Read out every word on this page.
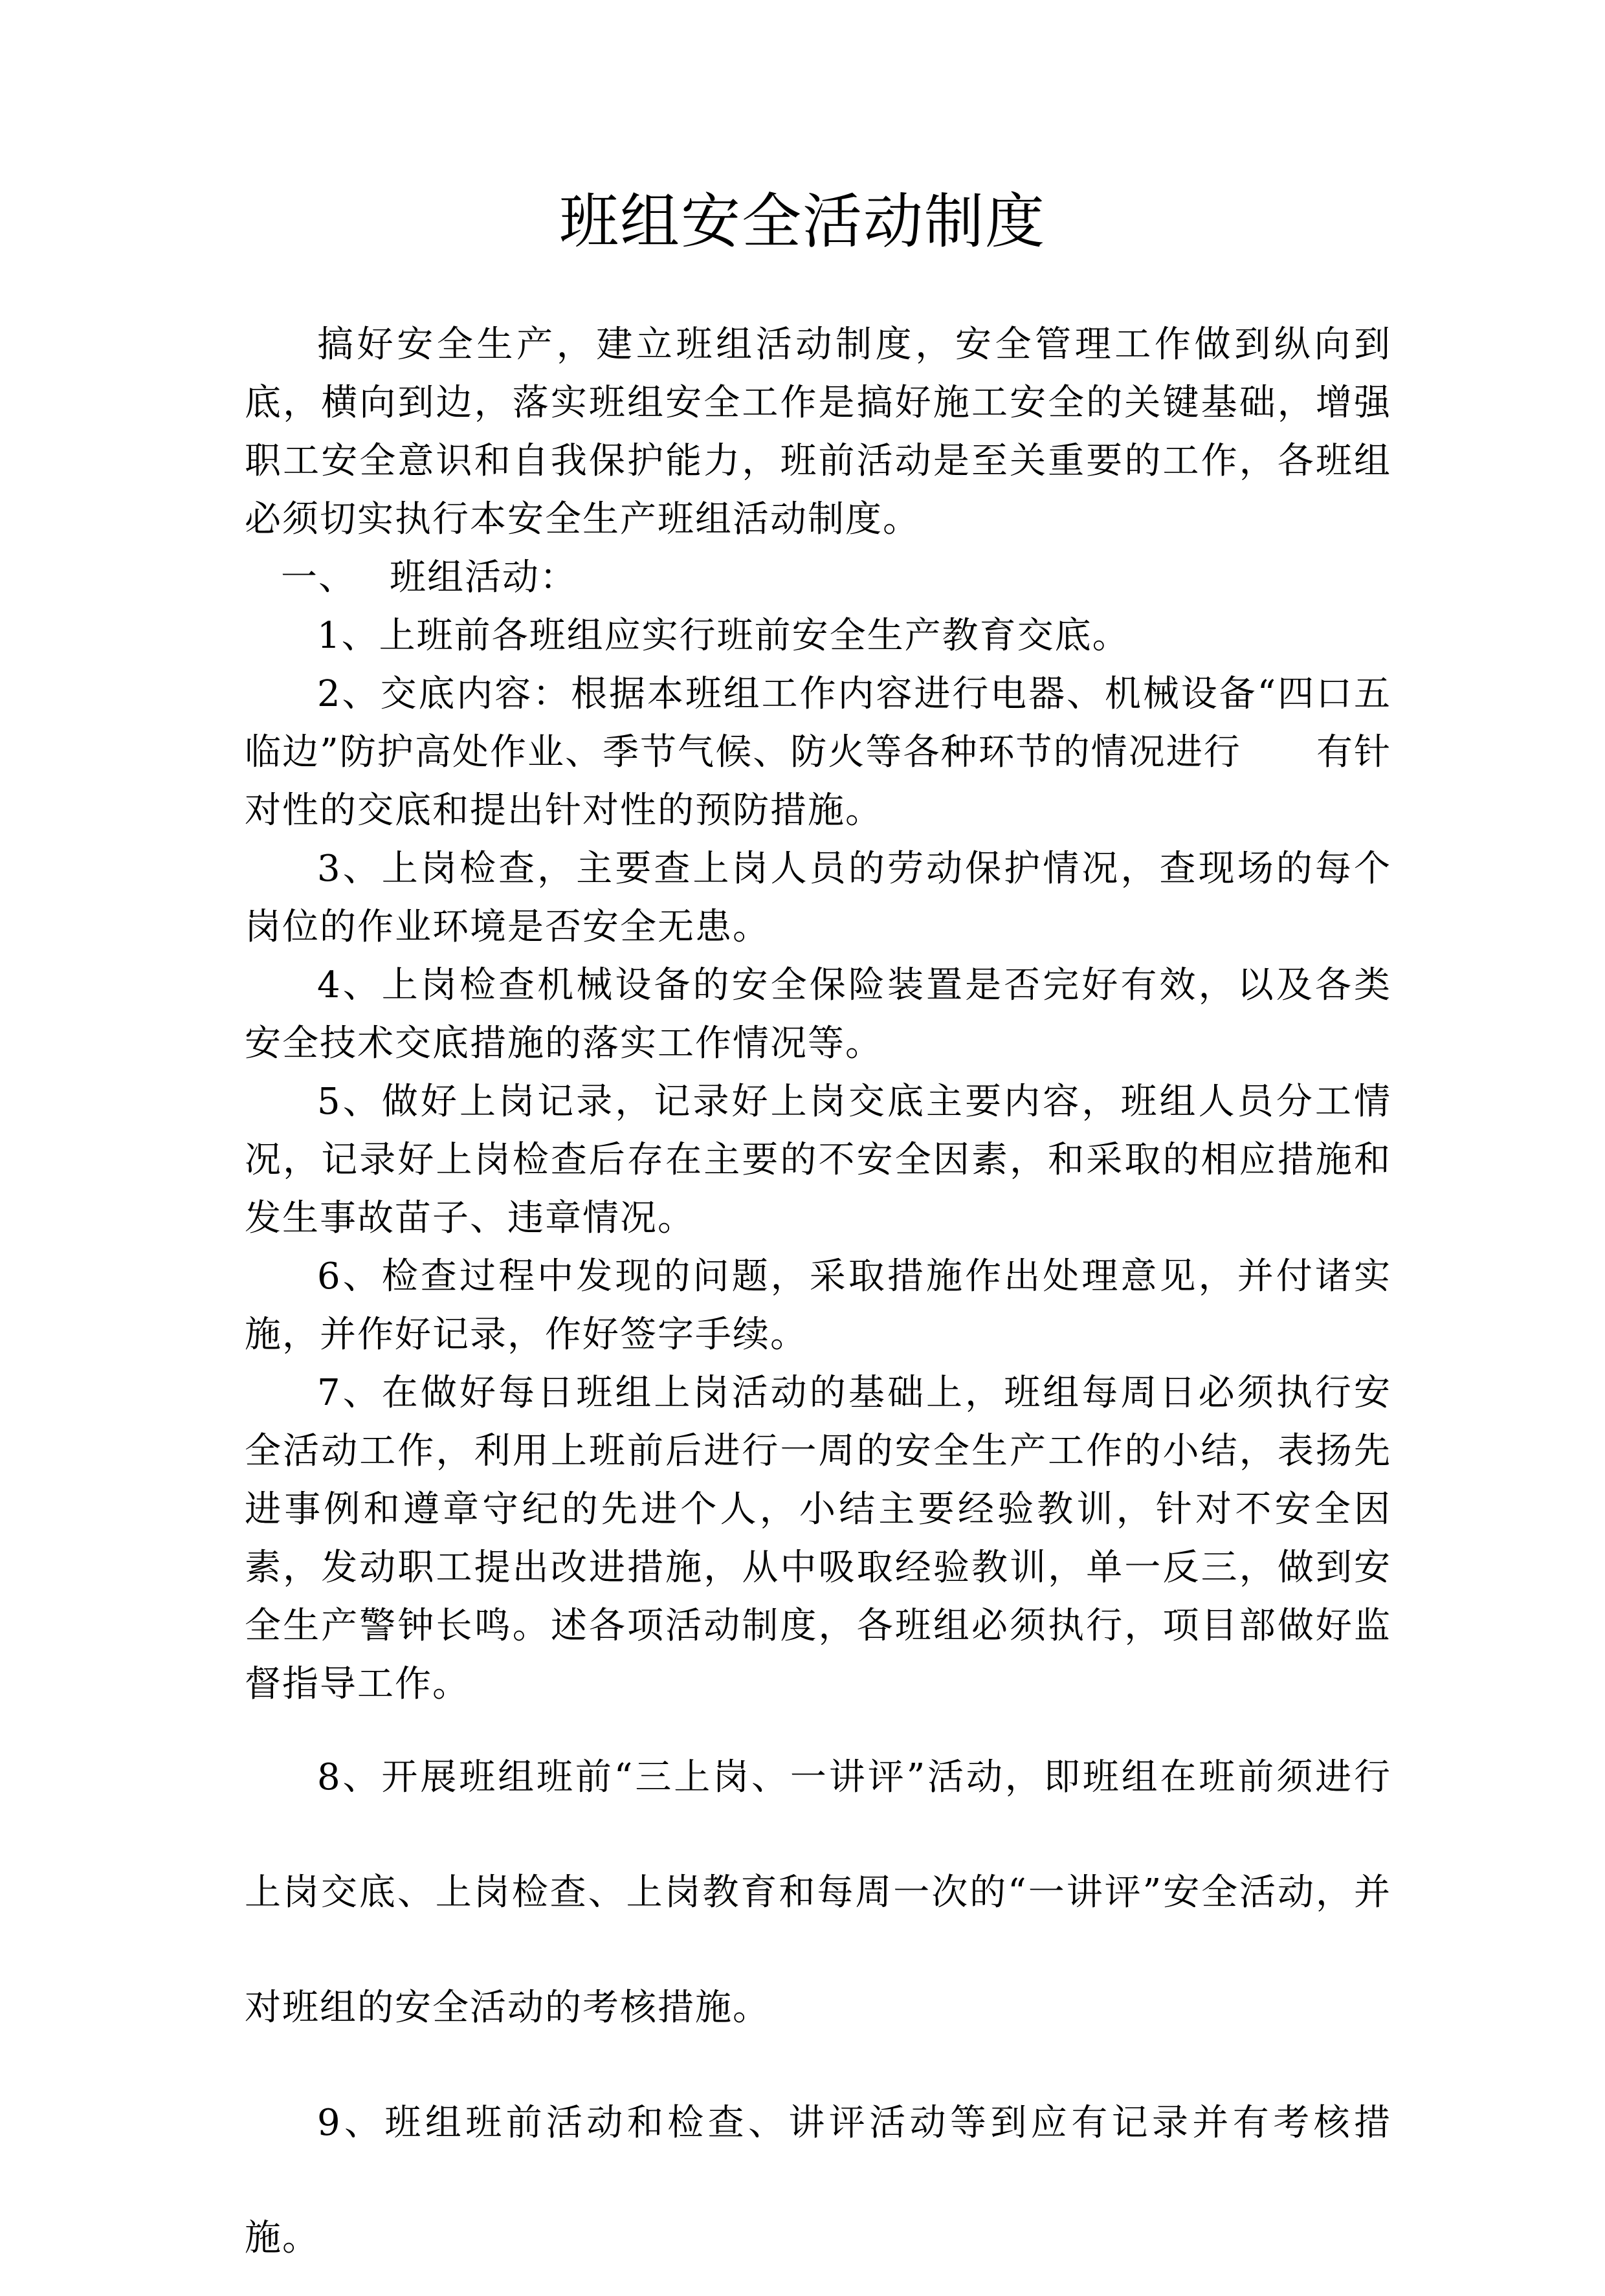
班组安全活动制度

搞好安全生产，建立班组活动制度，安全管理工作做到纵向到底，横向到边，落实班组安全工作是搞好施工安全的关键基础，增强职工安全意识和自我保护能力，班前活动是至关重要的工作，各班组必须切实执行本安全生产班组活动制度。

一、 班组活动：

1、上班前各班组应实行班前安全生产教育交底。

2、交底内容：根据本班组工作内容进行电器、机械设备“四口五临边”防护高处作业、季节气候、防火等各种环节的情况进行　　有针对性的交底和提出针对性的预防措施。

3、上岗检查，主要查上岗人员的劳动保护情况，查现场的每个岗位的作业环境是否安全无患。

4、上岗检查机械设备的安全保险装置是否完好有效，以及各类安全技术交底措施的落实工作情况等。

5、做好上岗记录，记录好上岗交底主要内容，班组人员分工情况，记录好上岗检查后存在主要的不安全因素，和采取的相应措施和发生事故苗子、违章情况。

6、检查过程中发现的问题，采取措施作出处理意见，并付诸实施，并作好记录，作好签字手续。

7、在做好每日班组上岗活动的基础上，班组每周日必须执行安全活动工作，利用上班前后进行一周的安全生产工作的小结，表扬先进事例和遵章守纪的先进个人，小结主要经验教训，针对不安全因素，发动职工提出改进措施，从中吸取经验教训，单一反三，做到安全生产警钟长鸣。述各项活动制度，各班组必须执行，项目部做好监督指导工作。

8、开展班组班前“三上岗、一讲评”活动，即班组在班前须进行上岗交底、上岗检查、上岗教育和每周一次的“一讲评”安全活动，并对班组的安全活动的考核措施。

9、班组班前活动和检查、讲评活动等到应有记录并有考核措施。
